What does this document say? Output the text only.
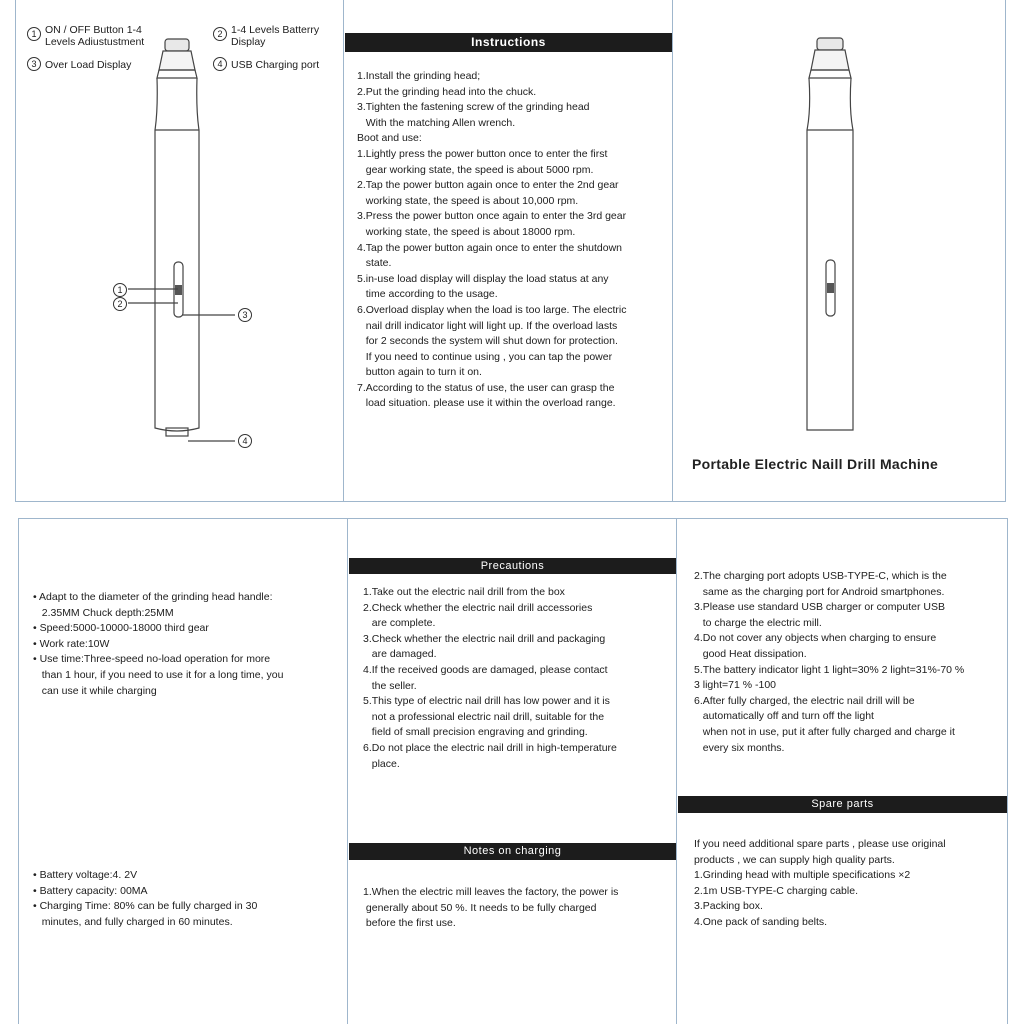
1 ON / OFF Button 1-4
Levels Adiustustment
2 1-4 Levels Batterry
Display
3 Over Load Display	4 USB Charging port
1
2
3
4
Instructions
1.Install the grinding head;
2.Put the grinding head into the chuck.
3.Tighten the fastening screw of the grinding head
With the matching Allen wrench.
Boot and use:
1.Lightly press the power button once to enter the first
gear working state, the speed is about 5000 rpm.
2.Tap the power button again once to enter the 2nd gear
working state, the speed is about 10,000 rpm.
3.Press the power button once again to enter the 3rd gear
working state, the speed is about 18000 rpm.
4.Tap the power button again once to enter the shutdown
state.
5.in-use load display will display the load status at any
time according to the usage.
6.Overload display when the load is too large. The electric
nail drill indicator light will light up. If the overload lasts
for 2 seconds the system will shut down for protection.
If you need to continue using , you can tap the power
button again to turn it on.
7.According to the status of use, the user can grasp the
load situation. please use it within the overload range.
Portable Electric Naill Drill Machine
• Adapt to the diameter of the grinding head handle:
2.35MM Chuck depth:25MM
• Speed:5000-10000-18000 third gear
• Work rate:10W
• Use time:Three-speed no-load operation for more
than 1 hour, if you need to use it for a long time, you
can use it while charging
• Battery voltage:4. 2V
• Battery capacity: 00MA
• Charging Time: 80% can be fully charged in 30
minutes, and fully charged in 60 minutes.
Precautions
1.Take out the electric nail drill from the box
2.Check whether the electric nail drill accessories
are complete.
3.Check whether the electric nail drill and packaging
are damaged.
4.If the received goods are damaged, please contact
the seller.
5.This type of electric nail drill has low power and it is
not a professional electric nail drill, suitable for the
field of small precision engraving and grinding.
6.Do not place the electric nail drill in high-temperature
place.
Notes on charging
1.When the electric mill leaves the factory, the power is
generally about 50 %. It needs to be fully charged
before the first use.
2.The charging port adopts USB-TYPE-C, which is the
same as the charging port for Android smartphones.
3.Please use standard USB charger or computer USB
to charge the electric mill.
4.Do not cover any objects when charging to ensure
good Heat dissipation.
5.The battery indicator light 1 light=30% 2 light=31%-70 %
3 light=71 % -100
6.After fully charged, the electric nail drill will be
automatically off and turn off the light
when not in use, put it after fully charged and charge it
every six months.
Spare parts
If you need additional spare parts , please use original
products , we can supply high quality parts.
1.Grinding head with multiple specifications ×2
2.1m USB-TYPE-C charging cable.
3.Packing box.
4.One pack of sanding belts.
